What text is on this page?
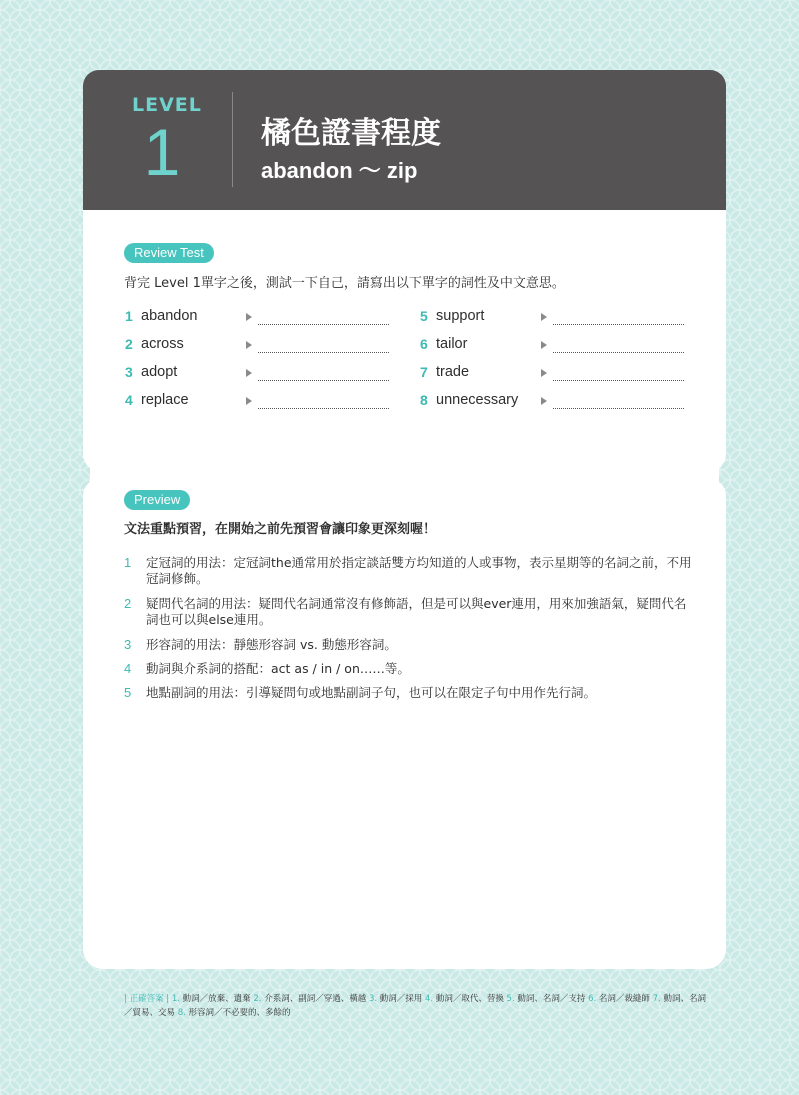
LEVEL
1	橘色證書程度
abandon ～ zip
Review Test
背完 Level 1單字之後，測試一下自己，請寫出以下單字的詞性及中文意思。
1 abandon
2 across
3 adopt
4 replace
5 support
6 tailor
7 trade
8 unnecessary
Preview
文法重點預習，在開始之前先預習會讓印象更深刻喔！
1 定冠詞的用法：定冠詞the通常用於指定談話雙方均知道的人或事物，表示星期等的名詞之前，不用冠詞修飾。
2 疑問代名詞的用法：疑問代名詞通常沒有修飾語，但是可以與ever連用，用來加強語氣，疑問代名詞也可以與else連用。
3 形容詞的用法：靜態形容詞 vs. 動態形容詞。
4 動詞與介系詞的搭配：act as / in / on……等。
5 地點副詞的用法：引導疑問句或地點副詞子句，也可以在限定子句中用作先行詞。
| 正確答案 | 1. 動詞／放棄、遺棄 2. 介系詞、副詞／穿過、橫越 3. 動詞／採用 4. 動詞／取代、替換 5. 動詞、名詞／支持 6. 名詞／裁縫師 7. 動詞、名詞／貿易、交易 8. 形容詞／不必要的、多餘的
